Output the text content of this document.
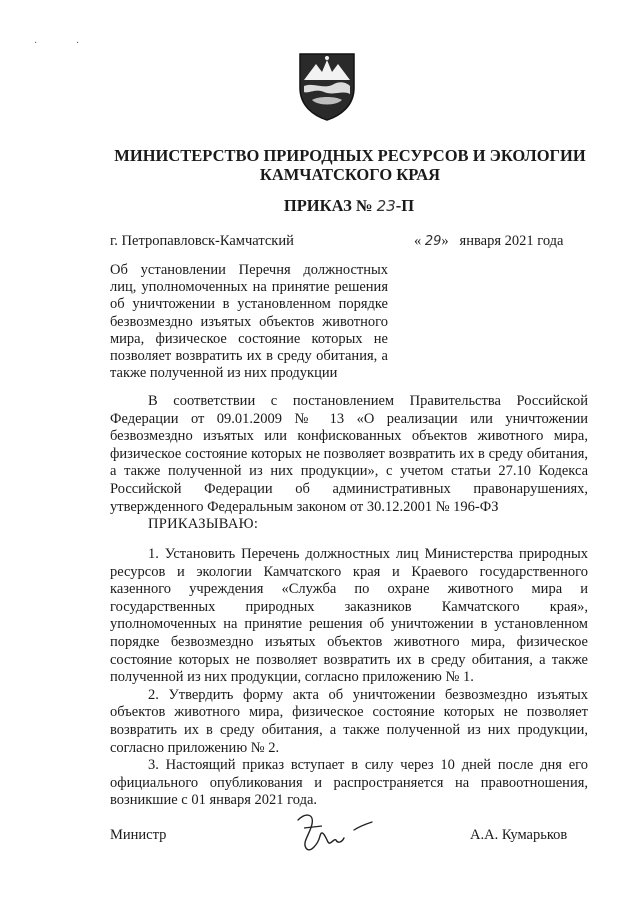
· ·
МИНИСТЕРСТВО ПРИРОДНЫХ РЕСУРСОВ И ЭКОЛОГИИ
КАМЧАТСКОГО КРАЯ
ПРИКАЗ № 23-П
г. Петропавловск-Камчатский	« 29» января 2021 года
Об установлении Перечня должностных лиц, уполномоченных на принятие решения об уничтожении в установленном порядке безвозмездно изъятых объектов животного мира, физическое состояние которых не позволяет возвратить их в среду обитания, а также полученной из них продукции
В соответствии с постановлением Правительства Российской Федерации от 09.01.2009 № 13 «О реализации или уничтожении безвозмездно изъятых или конфискованных объектов животного мира, физическое состояние которых не позволяет возвратить их в среду обитания, а также полученной из них продукции», с учетом статьи 27.10 Кодекса Российской Федерации об административных правонарушениях, утвержденного Федеральным законом от 30.12.2001 № 196-ФЗ
ПРИКАЗЫВАЮ:

1. Установить Перечень должностных лиц Министерства природных ресурсов и экологии Камчатского края и Краевого государственного казенного учреждения «Служба по охране животного мира и государственных природных заказников Камчатского края», уполномоченных на принятие решения об уничтожении в установленном порядке безвозмездно изъятых объектов животного мира, физическое состояние которых не позволяет возвратить их в среду обитания, а также полученной из них продукции, согласно приложению № 1.

2. Утвердить форму акта об уничтожении безвозмездно изъятых объектов животного мира, физическое состояние которых не позволяет возвратить их в среду обитания, а также полученной из них продукции, согласно приложению № 2.

3. Настоящий приказ вступает в силу через 10 дней после дня его официального опубликования и распространяется на правоотношения, возникшие с 01 января 2021 года.

Министр	А.А. Кумарьков
